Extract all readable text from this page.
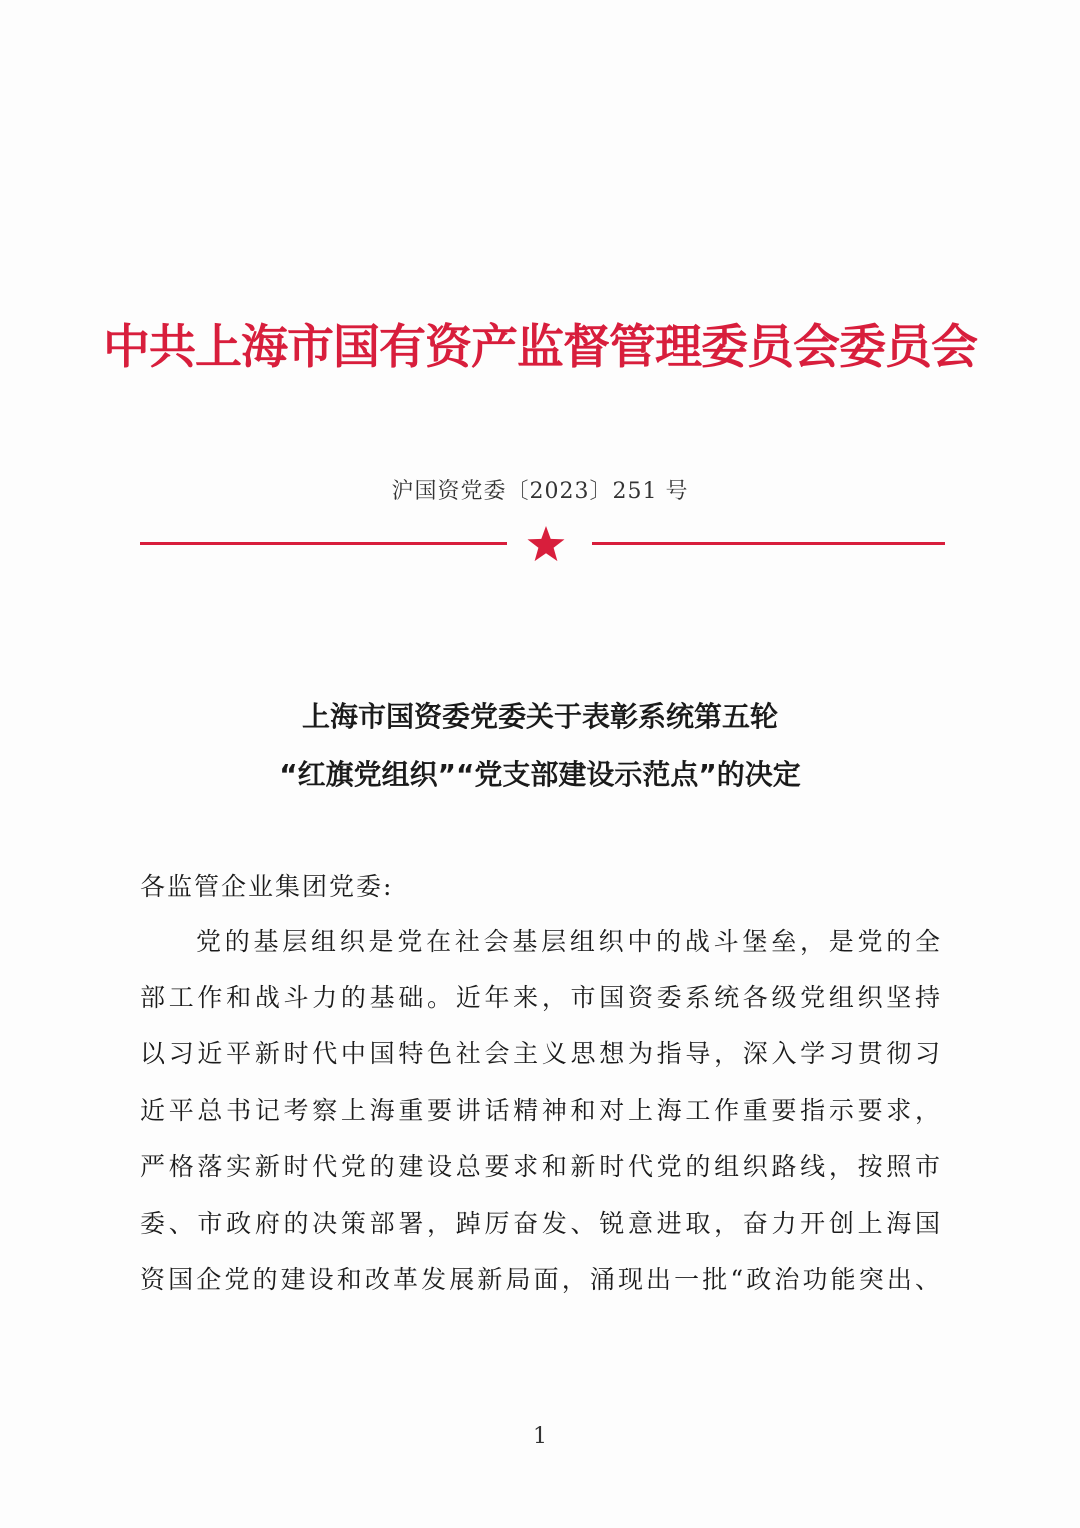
中共上海市国有资产监督管理委员会委员会
沪国资党委〔2023〕251 号
上海市国资委党委关于表彰系统第五轮
“红旗党组织”“党支部建设示范点”的决定
各监管企业集团党委:
党的基层组织是党在社会基层组织中的战斗堡垒，是党的全
部工作和战斗力的基础。近年来，市国资委系统各级党组织坚持
以习近平新时代中国特色社会主义思想为指导，深入学习贯彻习
近平总书记考察上海重要讲话精神和对上海工作重要指示要求，
严格落实新时代党的建设总要求和新时代党的组织路线，按照市
委、市政府的决策部署，踔厉奋发、锐意进取，奋力开创上海国
资国企党的建设和改革发展新局面，涌现出一批“政治功能突出、
1
